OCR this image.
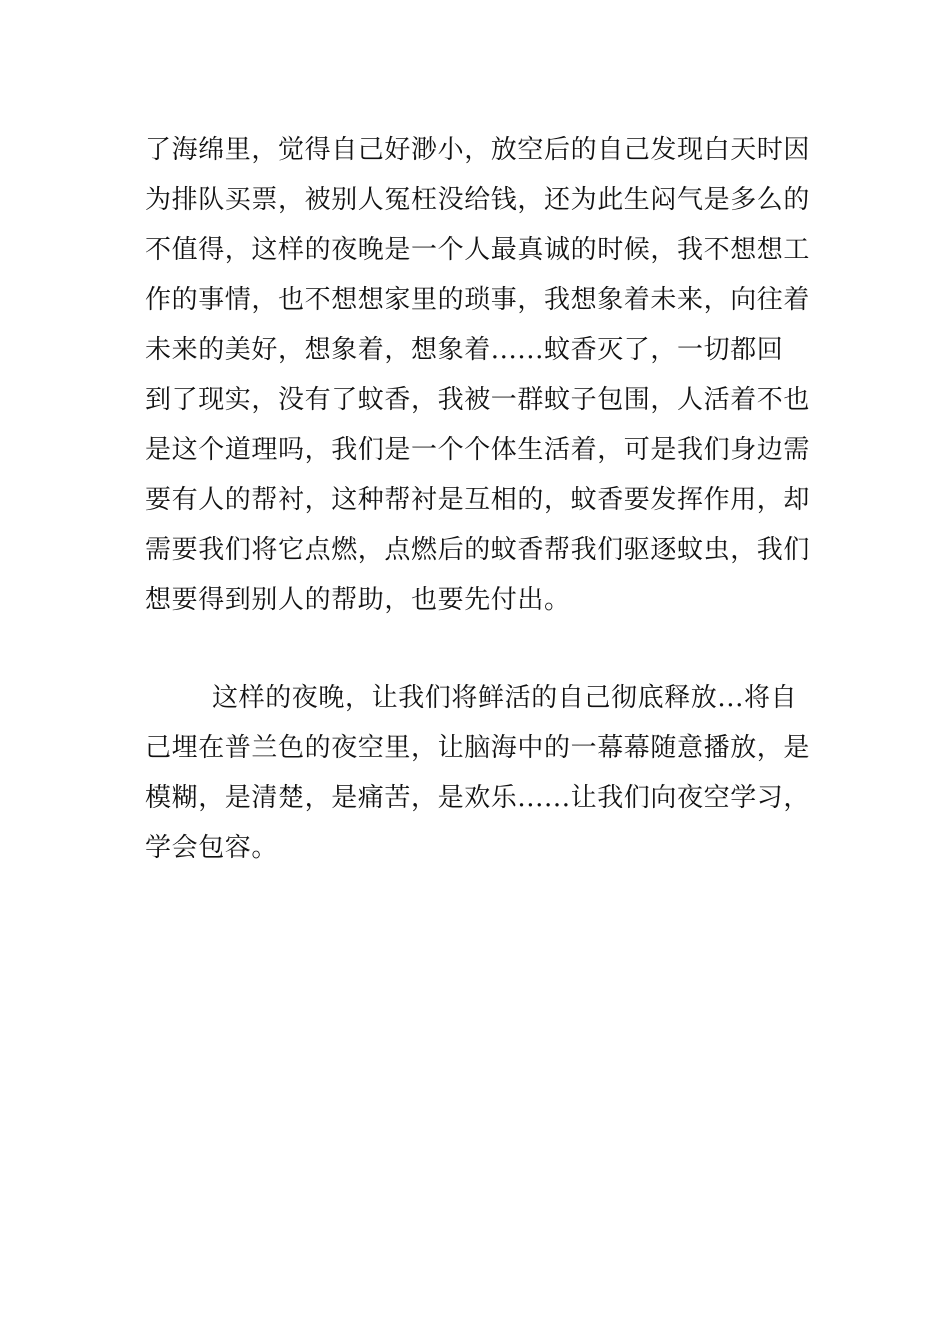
了海绵里，觉得自己好渺小，放空后的自己发现白天时因
为排队买票，被别人冤枉没给钱，还为此生闷气是多么的
不值得，这样的夜晚是一个人最真诚的时候，我不想想工
作的事情，也不想想家里的琐事，我想象着未来，向往着
未来的美好，想象着，想象着......蚊香灭了，一切都回
到了现实，没有了蚊香，我被一群蚊子包围，人活着不也
是这个道理吗，我们是一个个体生活着，可是我们身边需
要有人的帮衬，这种帮衬是互相的，蚊香要发挥作用，却
需要我们将它点燃，点燃后的蚊香帮我们驱逐蚊虫，我们
想要得到别人的帮助，也要先付出。
这样的夜晚，让我们将鲜活的自己彻底释放...将自
己埋在普兰色的夜空里，让脑海中的一幕幕随意播放，是
模糊，是清楚，是痛苦，是欢乐......让我们向夜空学习，
学会包容。
